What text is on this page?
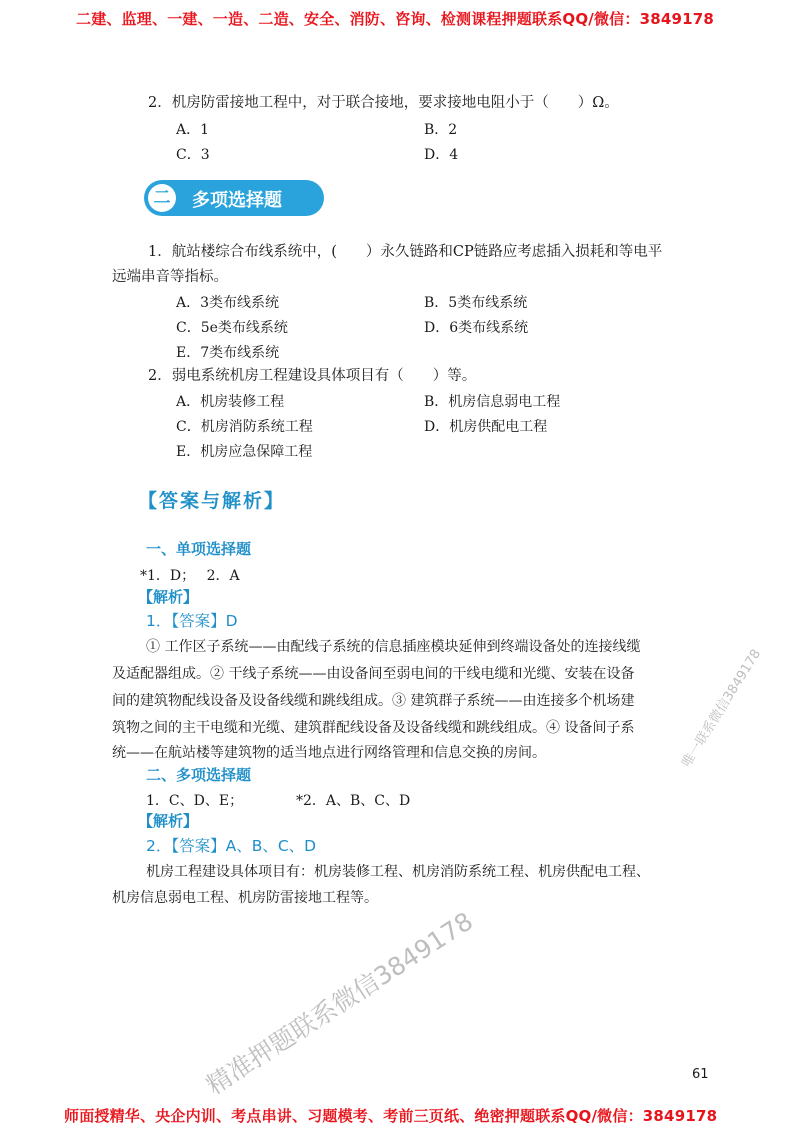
二建、监理、一建、一造、二造、安全、消防、咨询、检测课程押题联系QQ/微信：3849178
2．机房防雷接地工程中，对于联合接地，要求接地电阻小于（　　）Ω。
A．1	B．2
C．3	D．4
二	多项选择题
1．航站楼综合布线系统中，(　　）永久链路和CP链路应考虑插入损耗和等电平
远端串音等指标。
A．3类布线系统	B．5类布线系统
C．5e类布线系统	D．6类布线系统
E．7类布线系统
2．弱电系统机房工程建设具体项目有（　　）等。
A．机房装修工程	B．机房信息弱电工程
C．机房消防系统工程	D．机房供配电工程
E．机房应急保障工程
【答案与解析】
一、单项选择题
*1．D；　 2．A
【解析】
1．【答案】D
① 工作区子系统——由配线子系统的信息插座模块延伸到终端设备处的连接线缆
及适配器组成。② 干线子系统——由设备间至弱电间的干线电缆和光缆、安装在设备
间的建筑物配线设备及设备线缆和跳线组成。③ 建筑群子系统——由连接多个机场建
筑物之间的主干电缆和光缆、建筑群配线设备及设备线缆和跳线组成。④ 设备间子系
统——在航站楼等建筑物的适当地点进行网络管理和信息交换的房间。
二、多项选择题
1．C、D、E；	*2．A、B、C、D
【解析】
2．【答案】A、B、C、D
机房工程建设具体项目有：机房装修工程、机房消防系统工程、机房供配电工程、
机房信息弱电工程、机房防雷接地工程等。
精准押题联系微信3849178
唯一联系微信3849178
61
师面授精华、央企内训、考点串讲、习题模考、考前三页纸、绝密押题联系QQ/微信：3849178
